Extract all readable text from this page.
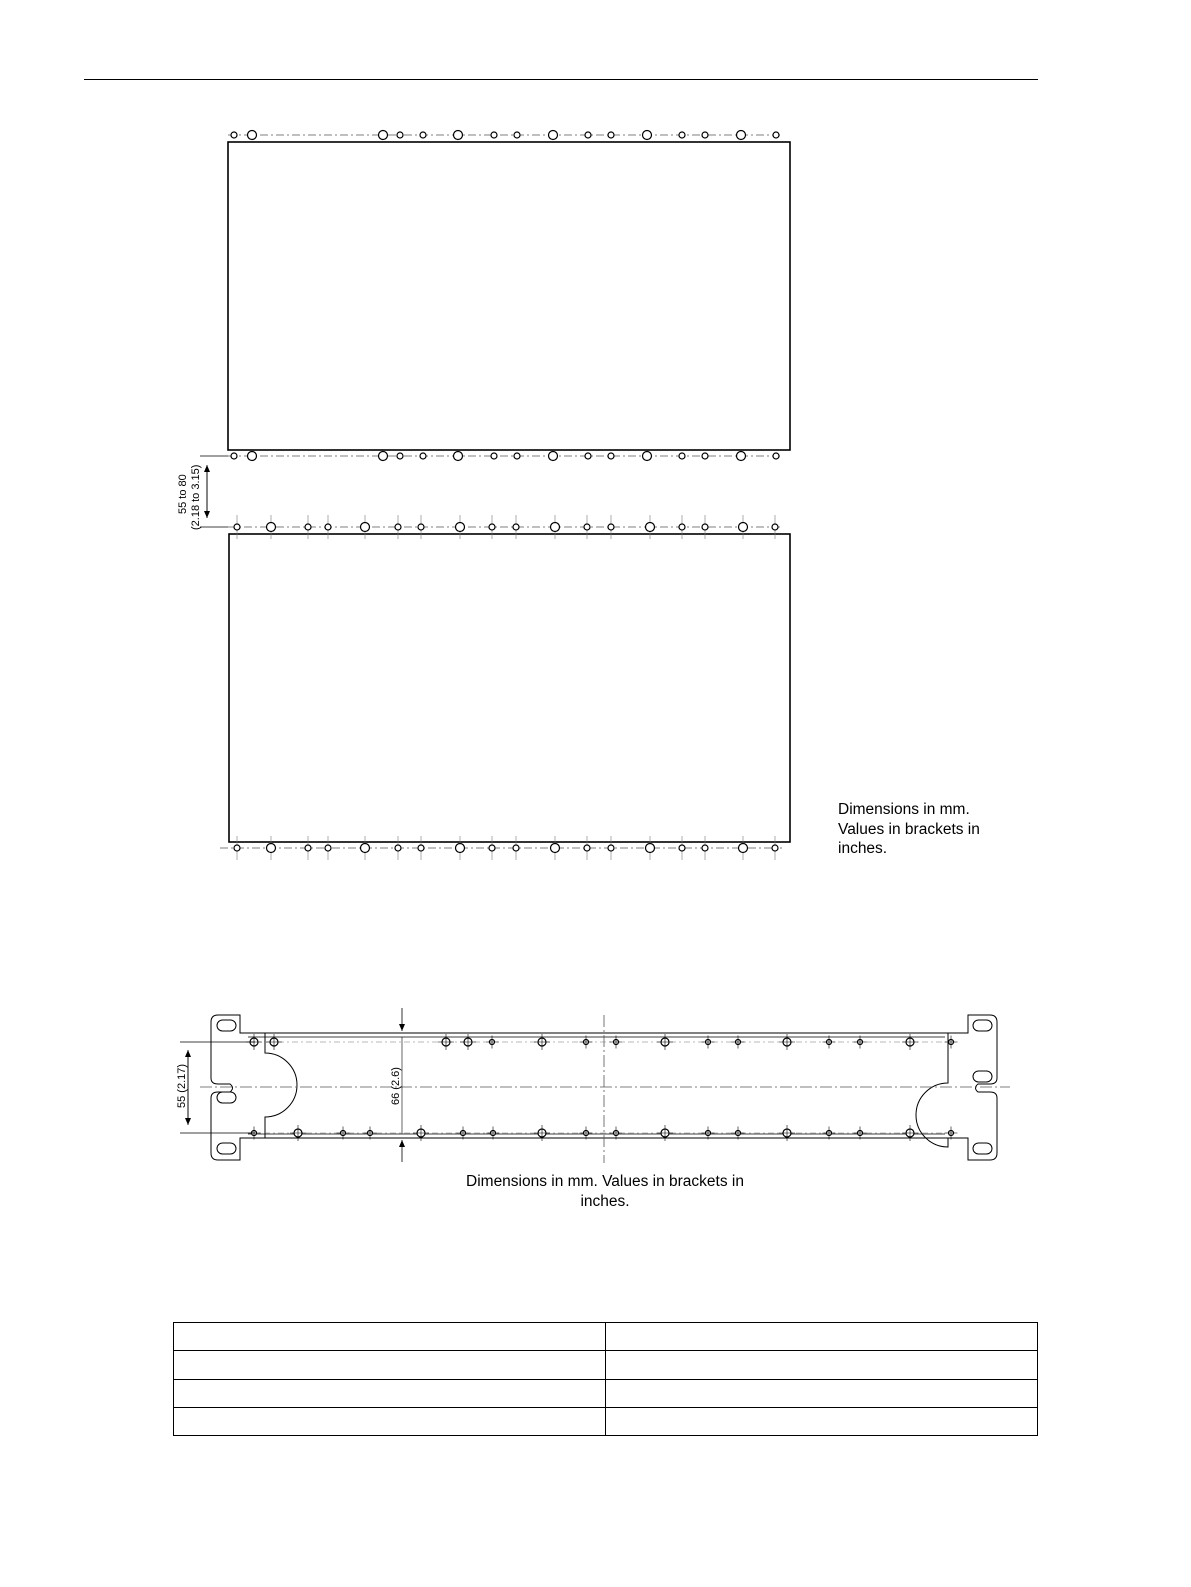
55 to 80 (2.18 to 3.15)
55 (2.17)	66 (2.6)
Dimensions in mm.
Values in brackets in
inches.
Dimensions in mm. Values in brackets in
inches.
